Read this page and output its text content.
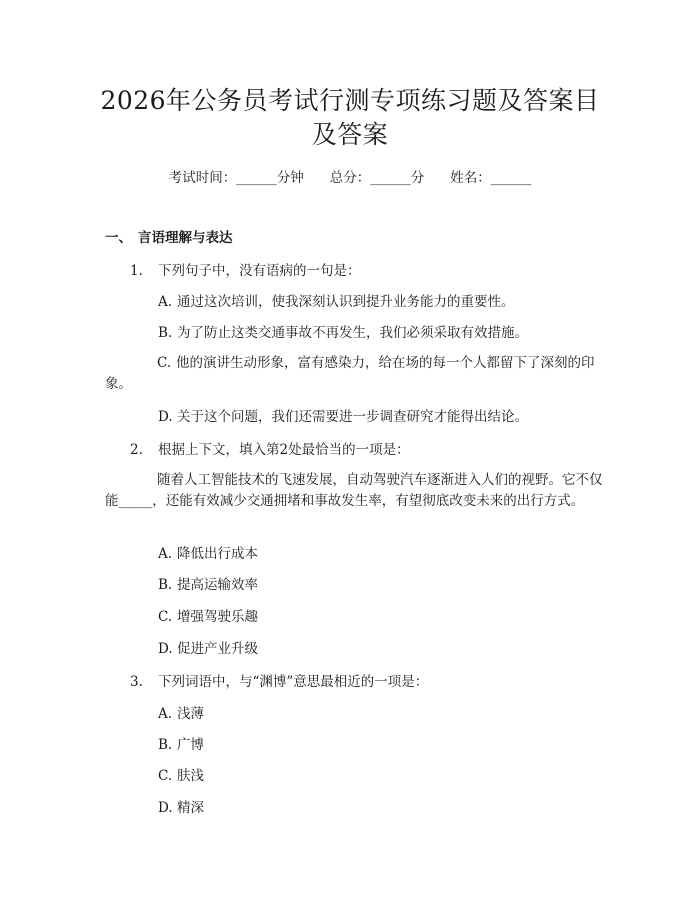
2026年公务员考试行测专项练习题及答案目及答案
考试时间：______分钟 总分：______分 姓名：______
一、 言语理解与表达
1. 下列句子中，没有语病的一句是：
A. 通过这次培训，使我深刻认识到提升业务能力的重要性。
B. 为了防止这类交通事故不再发生，我们必须采取有效措施。
C. 他的演讲生动形象，富有感染力，给在场的每一个人都留下了深刻的印象。
D. 关于这个问题，我们还需要进一步调查研究才能得出结论。
2. 根据上下文，填入第2处最恰当的一项是：
随着人工智能技术的飞速发展，自动驾驶汽车逐渐进入人们的视野。它不仅能_____，还能有效减少交通拥堵和事故发生率，有望彻底改变未来的出行方式。
A. 降低出行成本
B. 提高运输效率
C. 增强驾驶乐趣
D. 促进产业升级
3. 下列词语中，与“渊博”意思最相近的一项是：
A. 浅薄
B. 广博
C. 肤浅
D. 精深
